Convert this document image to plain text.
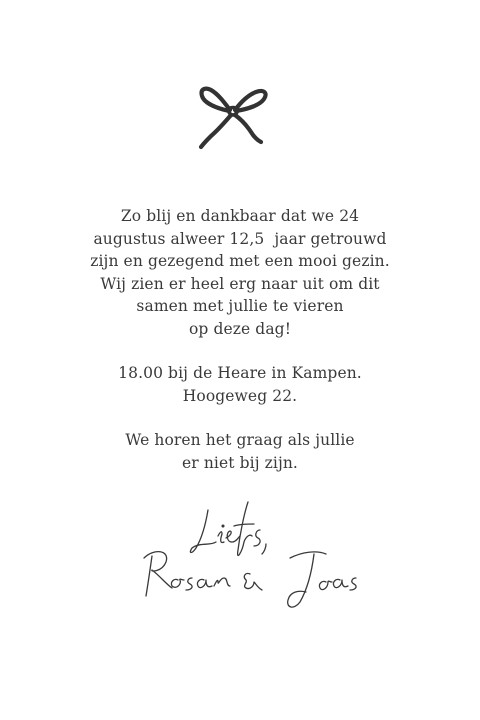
Zo blij en dankbaar dat we 24
augustus alweer 12,5  jaar getrouwd
zijn en gezegend met een mooi gezin.
Wij zien er heel erg naar uit om dit
samen met jullie te vieren
op deze dag!

18.00 bij de Heare in Kampen.
Hoogeweg 22.

We horen het graag als jullie
er niet bij zijn.
